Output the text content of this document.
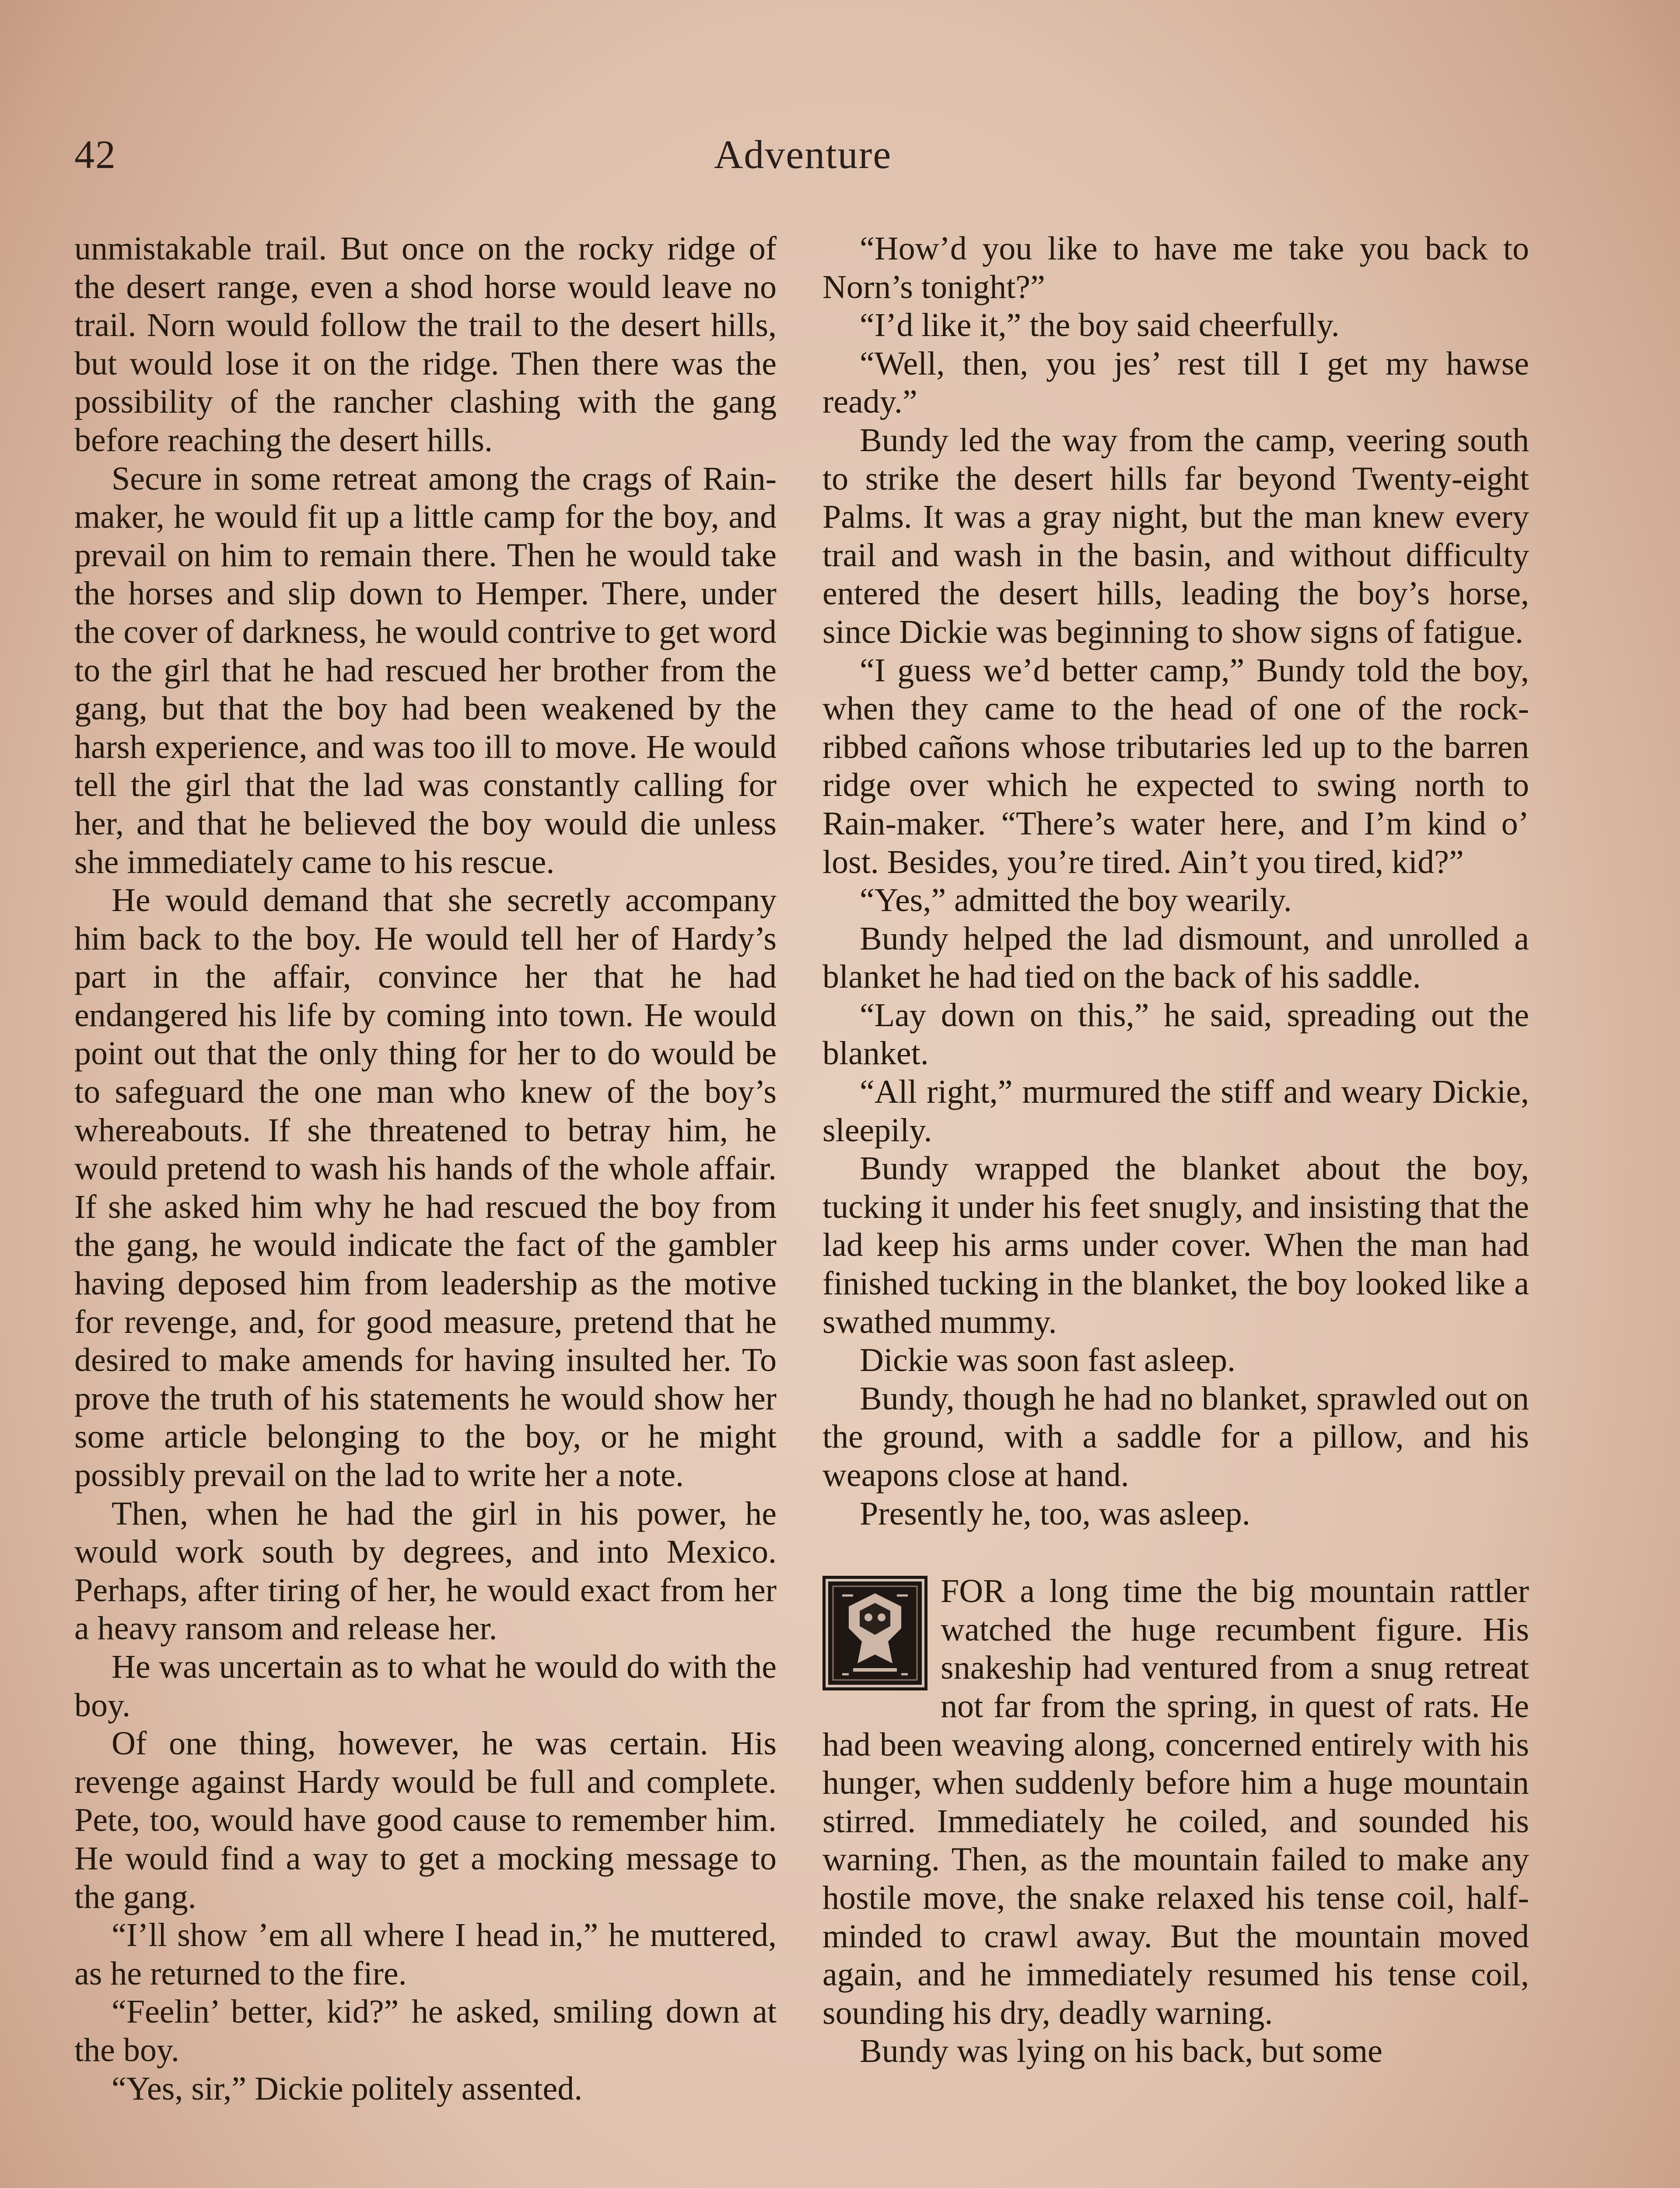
42	Adventure

unmistakable trail. But once on the rocky ridge of the desert range, even a shod horse would leave no trail. Norn would follow the trail to the desert hills, but would lose it on the ridge. Then there was the possibility of the rancher clashing with the gang before reaching the desert hills.

Secure in some retreat among the crags of Rain-maker, he would fit up a little camp for the boy, and prevail on him to remain there. Then he would take the horses and slip down to Hemper. There, under the cover of darkness, he would contrive to get word to the girl that he had rescued her brother from the gang, but that the boy had been weakened by the harsh experience, and was too ill to move. He would tell the girl that the lad was constantly calling for her, and that he believed the boy would die unless she immediately came to his rescue.

He would demand that she secretly accompany him back to the boy. He would tell her of Hardy’s part in the affair, convince her that he had endangered his life by coming into town. He would point out that the only thing for her to do would be to safeguard the one man who knew of the boy’s whereabouts. If she threatened to betray him, he would pretend to wash his hands of the whole affair. If she asked him why he had rescued the boy from the gang, he would indicate the fact of the gambler having deposed him from leadership as the motive for revenge, and, for good measure, pretend that he desired to make amends for having insulted her. To prove the truth of his statements he would show her some article belonging to the boy, or he might possibly prevail on the lad to write her a note.

Then, when he had the girl in his power, he would work south by degrees, and into Mexico. Perhaps, after tiring of her, he would exact from her a heavy ransom and release her.

He was uncertain as to what he would do with the boy.

Of one thing, however, he was certain. His revenge against Hardy would be full and complete. Pete, too, would have good cause to remember him. He would find a way to get a mocking message to the gang.

“I’ll show ’em all where I head in,” he muttered, as he returned to the fire.

“Feelin’ better, kid?” he asked, smiling down at the boy.

“Yes, sir,” Dickie politely assented.

“How’d you like to have me take you back to Norn’s tonight?”

“I’d like it,” the boy said cheerfully.

“Well, then, you jes’ rest till I get my hawse ready.”

Bundy led the way from the camp, veering south to strike the desert hills far beyond Twenty-eight Palms. It was a gray night, but the man knew every trail and wash in the basin, and without difficulty entered the desert hills, leading the boy’s horse, since Dickie was beginning to show signs of fatigue.

“I guess we’d better camp,” Bundy told the boy, when they came to the head of one of the rock-ribbed cañons whose tributaries led up to the barren ridge over which he expected to swing north to Rain-maker. “There’s water here, and I’m kind o’ lost. Besides, you’re tired. Ain’t you tired, kid?”

“Yes,” admitted the boy wearily.

Bundy helped the lad dismount, and unrolled a blanket he had tied on the back of his saddle.

“Lay down on this,” he said, spreading out the blanket.

“All right,” murmured the stiff and weary Dickie, sleepily.

Bundy wrapped the blanket about the boy, tucking it under his feet snugly, and insisting that the lad keep his arms under cover. When the man had finished tucking in the blanket, the boy looked like a swathed mummy.

Dickie was soon fast asleep.

Bundy, though he had no blanket, sprawled out on the ground, with a saddle for a pillow, and his weapons close at hand.

Presently he, too, was asleep.

FOR a long time the big mountain rattler watched the huge recumbent figure. His snakeship had ventured from a snug retreat not far from the spring, in quest of rats. He had been weaving along, concerned entirely with his hunger, when suddenly before him a huge mountain stirred. Immediately he coiled, and sounded his warning. Then, as the mountain failed to make any hostile move, the snake relaxed his tense coil, half-minded to crawl away. But the mountain moved again, and he immediately resumed his tense coil, sounding his dry, deadly warning.

Bundy was lying on his back, but some
